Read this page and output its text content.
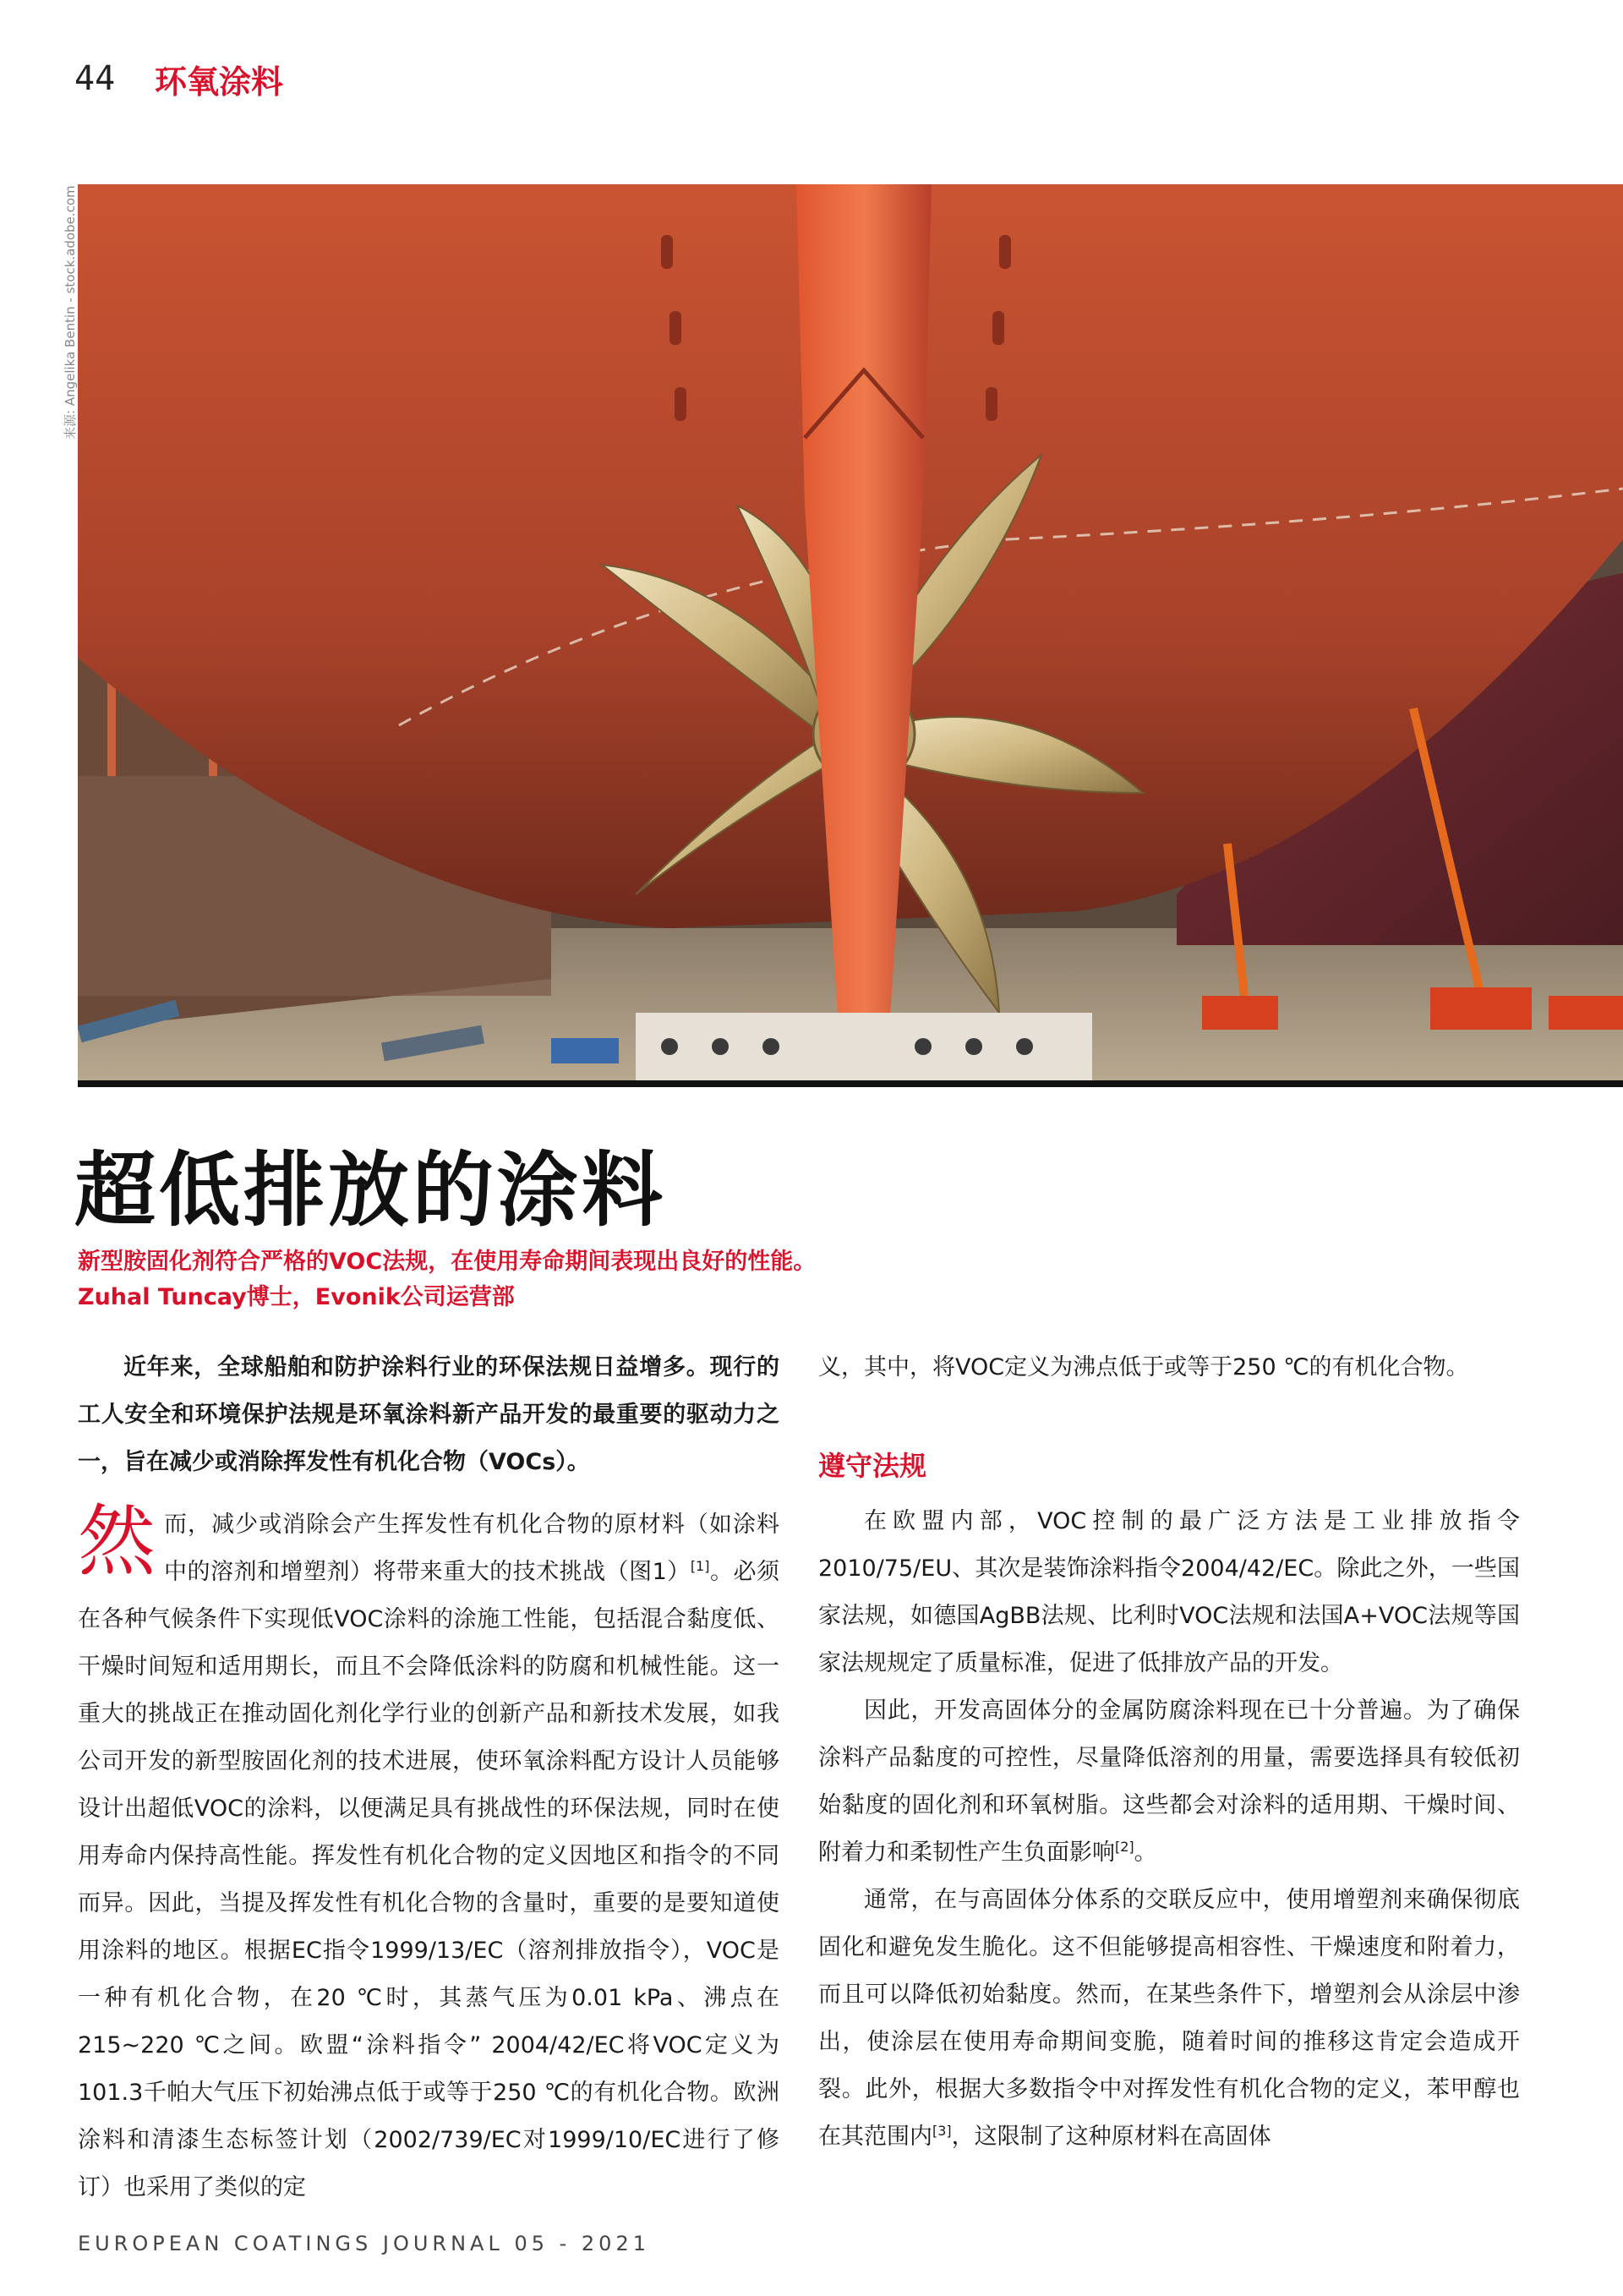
44 环氧涂料
来源: Angelika Bentin - stock.adobe.com
超低排放的涂料
新型胺固化剂符合严格的VOC法规，在使用寿命期间表现出良好的性能。
Zuhal Tuncay博士，Evonik公司运营部

近年来，全球船舶和防护涂料行业的环保法规日益增多。现行的工人安全和环境保护法规是环氧涂料新产品开发的最重要的驱动力之一，旨在减少或消除挥发性有机化合物（VOCs）。

然而，减少或消除会产生挥发性有机化合物的原材料（如涂料中的溶剂和增塑剂）将带来重大的技术挑战（图1）[1]。必须在各种气候条件下实现低VOC涂料的涂施工性能，包括混合黏度低、干燥时间短和适用期长，而且不会降低涂料的防腐和机械性能。这一重大的挑战正在推动固化剂化学行业的创新产品和新技术发展，如我公司开发的新型胺固化剂的技术进展，使环氧涂料配方设计人员能够设计出超低VOC的涂料，以便满足具有挑战性的环保法规，同时在使用寿命内保持高性能。挥发性有机化合物的定义因地区和指令的不同而异。因此，当提及挥发性有机化合物的含量时，重要的是要知道使用涂料的地区。根据EC指令1999/13/EC（溶剂排放指令），VOC是一种有机化合物，在20 ℃时，其蒸气压为0.01 kPa、沸点在215~220 ℃之间。欧盟“涂料指令” 2004/42/EC将VOC定义为101.3千帕大气压下初始沸点低于或等于250 ℃的有机化合物。欧洲涂料和清漆生态标签计划（2002/739/EC对1999/10/EC进行了修订）也采用了类似的定

义，其中，将VOC定义为沸点低于或等于250 ℃的有机化合物。

遵守法规

在欧盟内部，VOC控制的最广泛方法是工业排放指令2010/75/EU、其次是装饰涂料指令2004/42/EC。除此之外，一些国家法规，如德国AgBB法规、比利时VOC法规和法国A+VOC法规等国家法规规定了质量标准，促进了低排放产品的开发。

因此，开发高固体分的金属防腐涂料现在已十分普遍。为了确保涂料产品黏度的可控性，尽量降低溶剂的用量，需要选择具有较低初始黏度的固化剂和环氧树脂。这些都会对涂料的适用期、干燥时间、附着力和柔韧性产生负面影响[2]。

通常，在与高固体分体系的交联反应中，使用增塑剂来确保彻底固化和避免发生脆化。这不但能够提高相容性、干燥速度和附着力，而且可以降低初始黏度。然而，在某些条件下，增塑剂会从涂层中渗出，使涂层在使用寿命期间变脆，随着时间的推移这肯定会造成开裂。此外，根据大多数指令中对挥发性有机化合物的定义，苯甲醇也在其范围内[3]，这限制了这种原材料在高固体

EUROPEAN COATINGS JOURNAL 05 - 2021
